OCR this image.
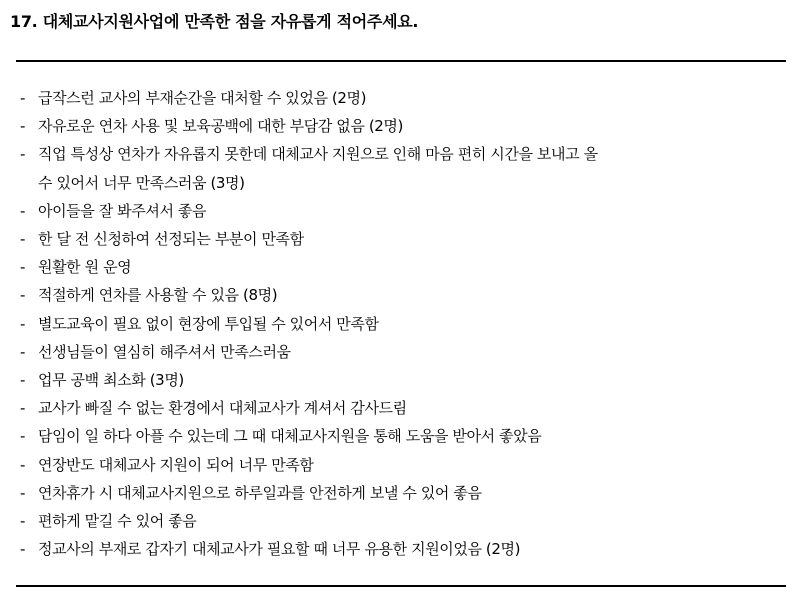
17. 대체교사지원사업에 만족한 점을 자유롭게 적어주세요.
- 급작스런 교사의 부재순간을 대처할 수 있었음 (2명)
- 자유로운 연차 사용 및 보육공백에 대한 부담감 없음 (2명)
- 직업 특성상 연차가 자유롭지 못한데 대체교사 지원으로 인해 마음 편히 시간을 보내고 올
수 있어서 너무 만족스러움 (3명)
- 아이들을 잘 봐주셔서 좋음
- 한 달 전 신청하여 선정되는 부분이 만족함
- 원활한 원 운영
- 적절하게 연차를 사용할 수 있음 (8명)
- 별도교육이 필요 없이 현장에 투입될 수 있어서 만족함
- 선생님들이 열심히 해주셔서 만족스러움
- 업무 공백 최소화 (3명)
- 교사가 빠질 수 없는 환경에서 대체교사가 계셔서 감사드림
- 담임이 일 하다 아플 수 있는데 그 때 대체교사지원을 통해 도움을 받아서 좋았음
- 연장반도 대체교사 지원이 되어 너무 만족함
- 연차휴가 시 대체교사지원으로 하루일과를 안전하게 보낼 수 있어 좋음
- 편하게 맡길 수 있어 좋음
- 정교사의 부재로 갑자기 대체교사가 필요할 때 너무 유용한 지원이었음 (2명)
